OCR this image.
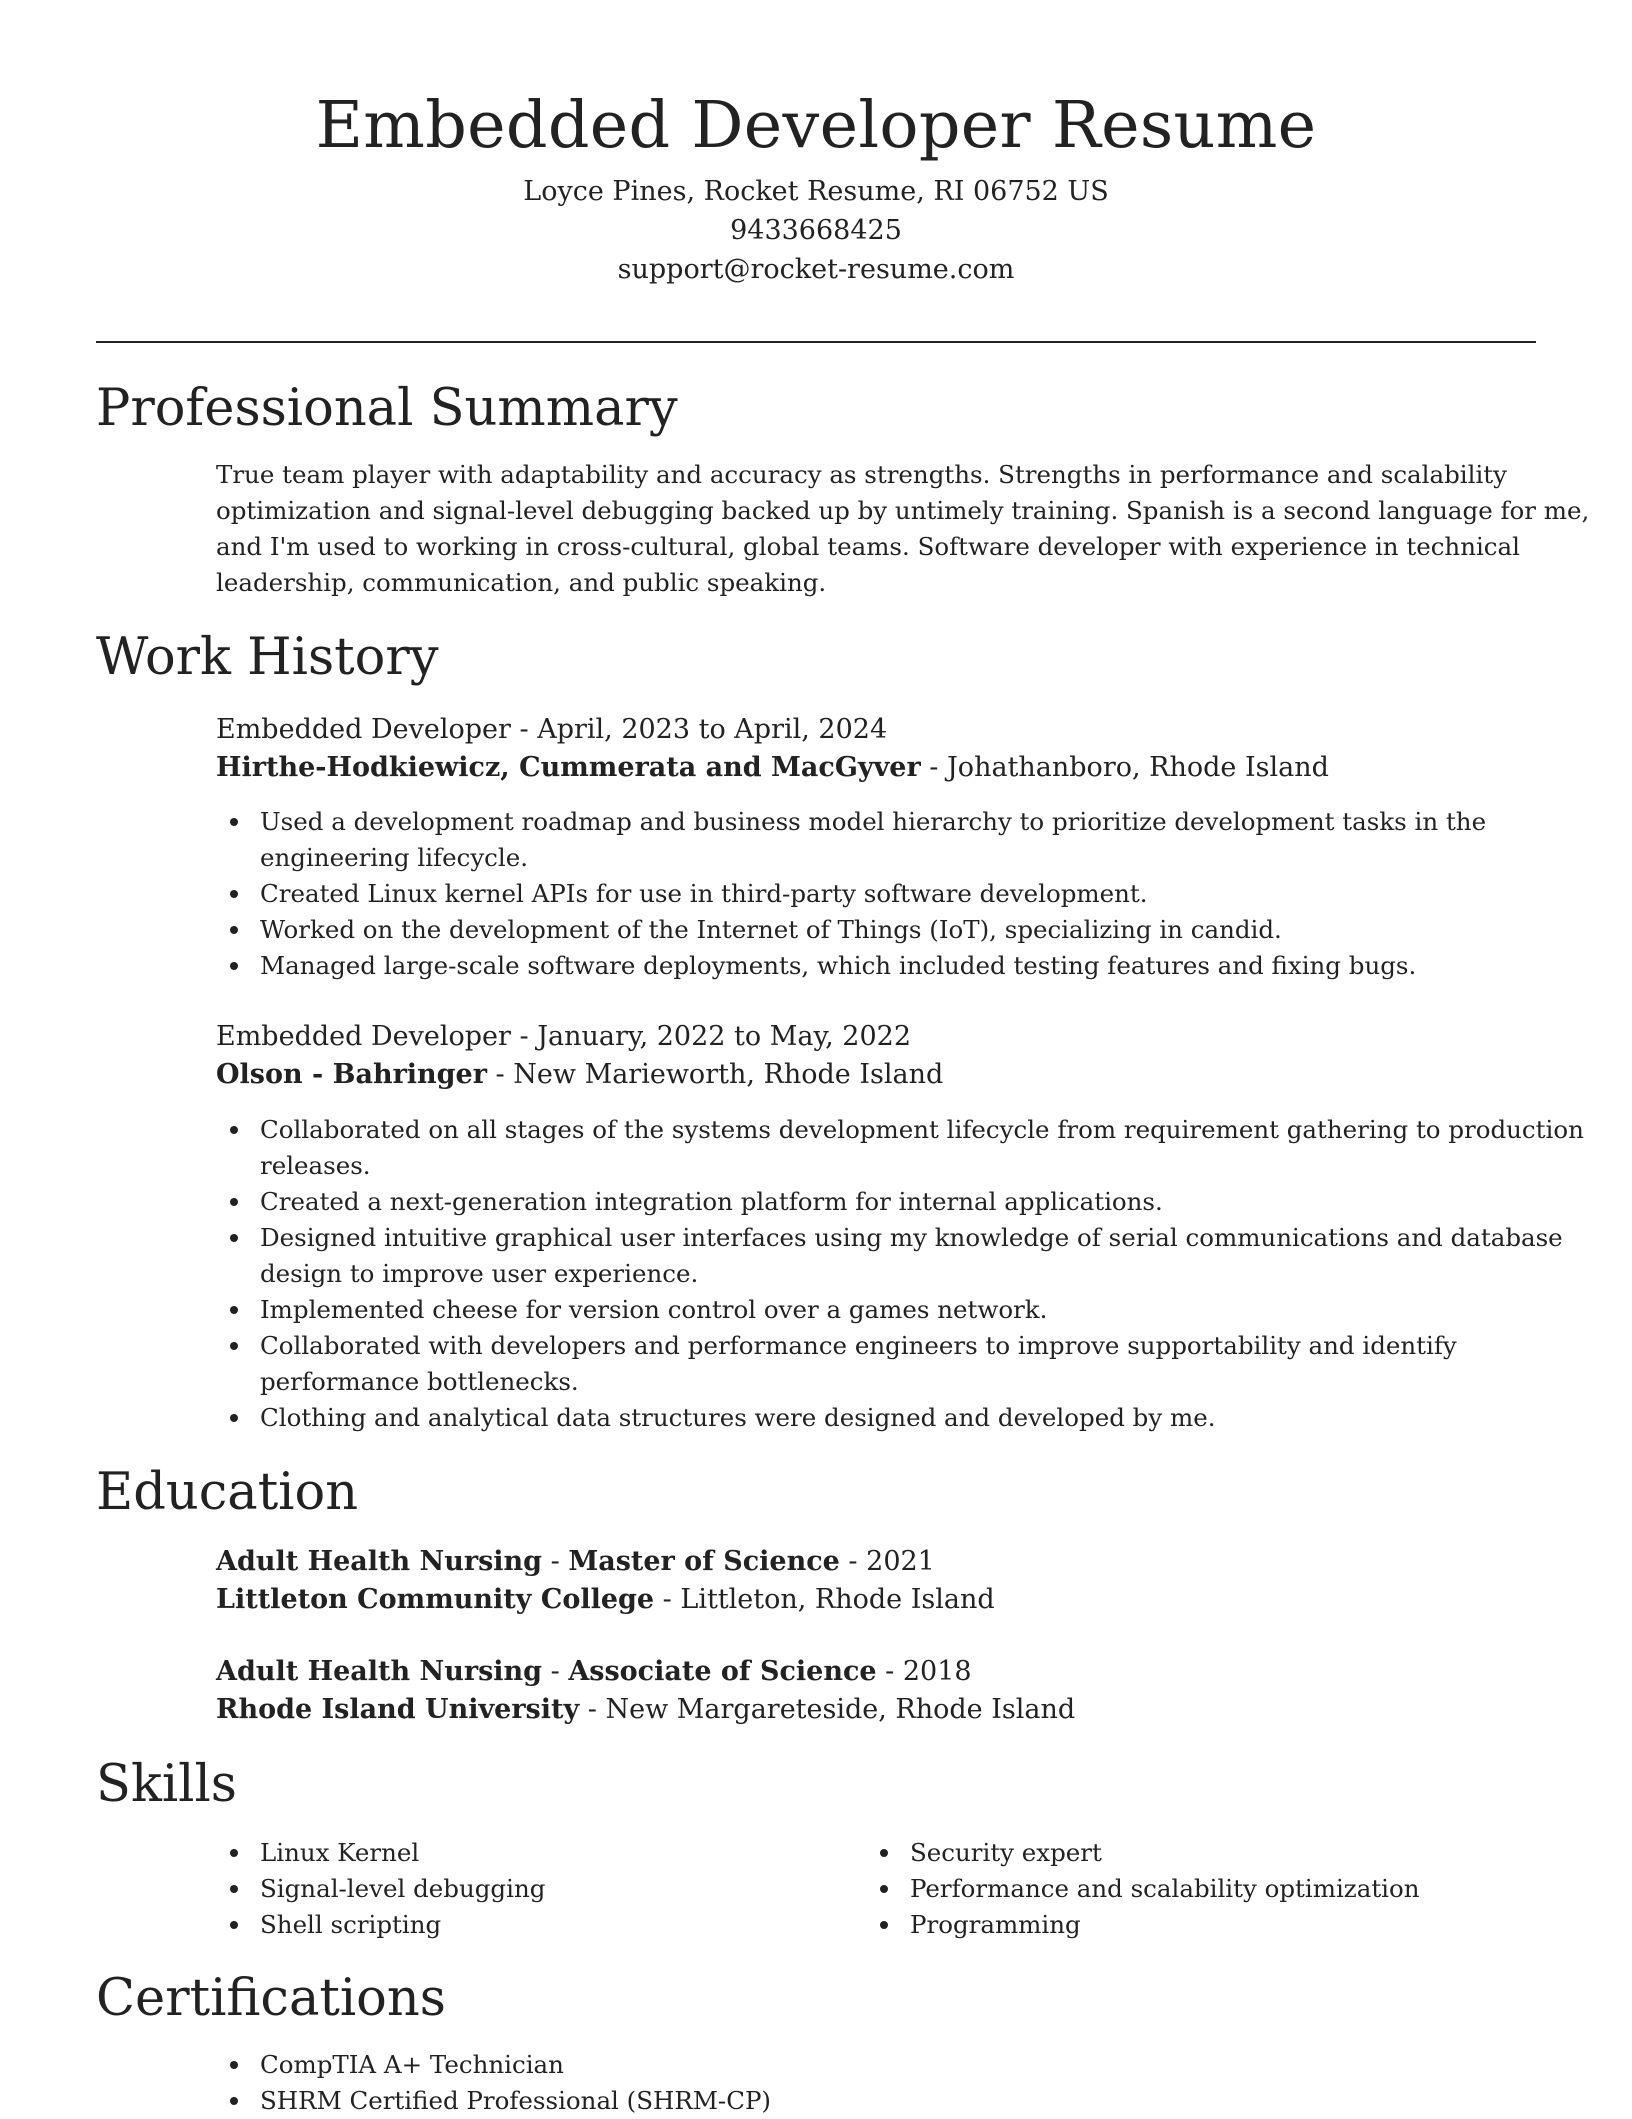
Embedded Developer Resume
Loyce Pines, Rocket Resume, RI 06752 US
9433668425
support@rocket-resume.com
Professional Summary
True team player with adaptability and accuracy as strengths. Strengths in performance and scalability
optimization and signal-level debugging backed up by untimely training. Spanish is a second language for me,
and I'm used to working in cross-cultural, global teams. Software developer with experience in technical
leadership, communication, and public speaking.
Work History
Embedded Developer - April, 2023 to April, 2024
Hirthe-Hodkiewicz, Cummerata and MacGyver - Johathanboro, Rhode Island
Used a development roadmap and business model hierarchy to prioritize development tasks in the
engineering lifecycle.
Created Linux kernel APIs for use in third-party software development.
Worked on the development of the Internet of Things (IoT), specializing in candid.
Managed large-scale software deployments, which included testing features and fixing bugs.
Embedded Developer - January, 2022 to May, 2022
Olson - Bahringer - New Marieworth, Rhode Island
Collaborated on all stages of the systems development lifecycle from requirement gathering to production
releases.
Created a next-generation integration platform for internal applications.
Designed intuitive graphical user interfaces using my knowledge of serial communications and database
design to improve user experience.
Implemented cheese for version control over a games network.
Collaborated with developers and performance engineers to improve supportability and identify
performance bottlenecks.
Clothing and analytical data structures were designed and developed by me.
Education
Adult Health Nursing - Master of Science - 2021
Littleton Community College - Littleton, Rhode Island
Adult Health Nursing - Associate of Science - 2018
Rhode Island University - New Margareteside, Rhode Island
Skills
Linux Kernel
Signal-level debugging
Shell scripting
Security expert
Performance and scalability optimization
Programming
Certifications
CompTIA A+ Technician
SHRM Certified Professional (SHRM-CP)
